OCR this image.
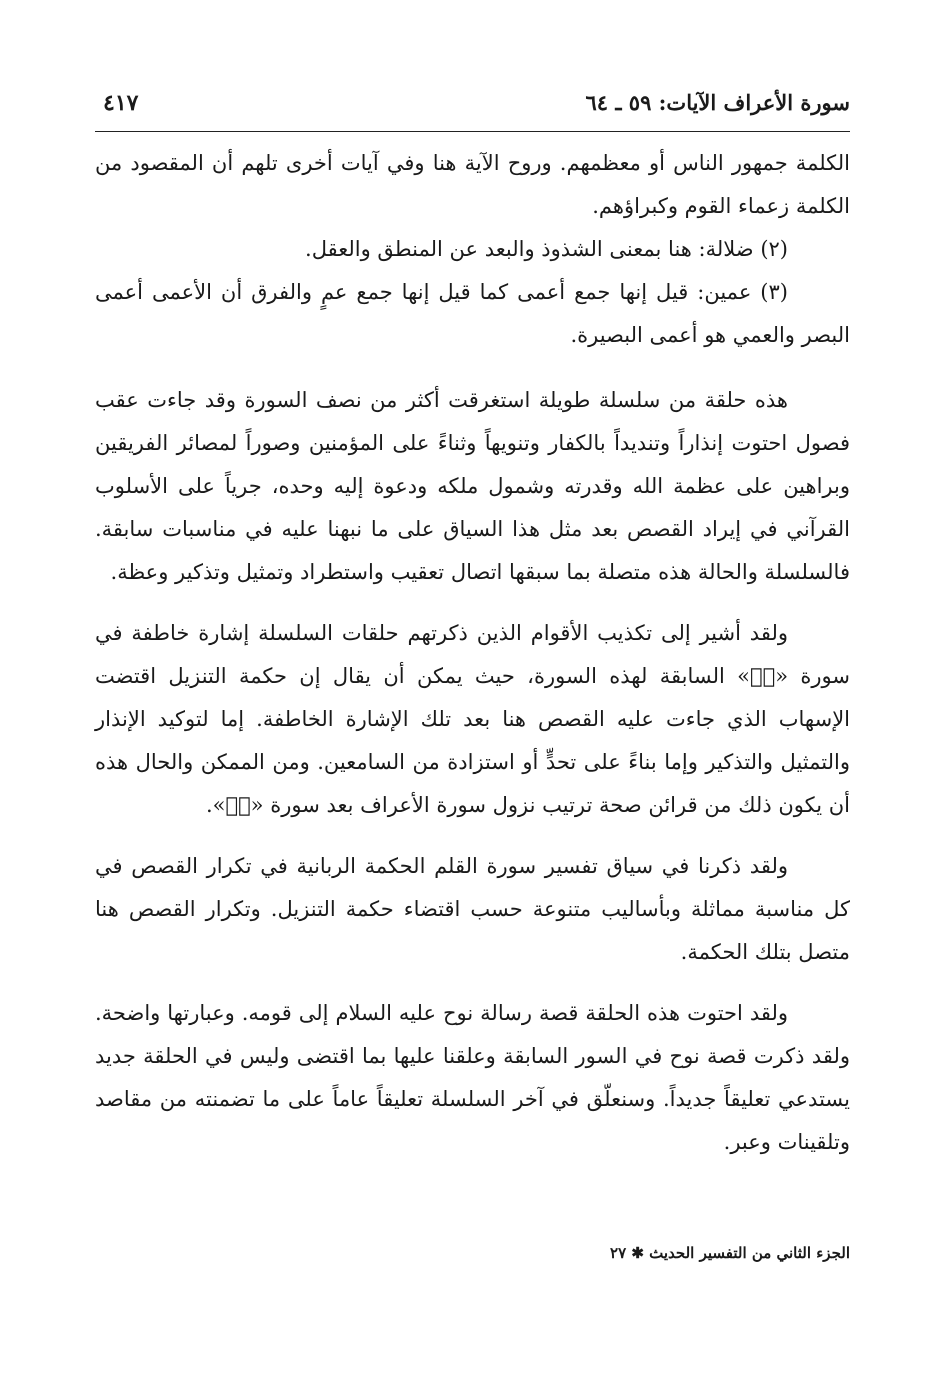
سورة الأعراف الآيات: ٥٩ ـ ٦٤
٤١٧

الكلمة جمهور الناس أو معظمهم. وروح الآية هنا وفي آيات أخرى تلهم أن المقصود من الكلمة زعماء القوم وكبراؤهم.

(٢) ضلالة: هنا بمعنى الشذوذ والبعد عن المنطق والعقل.

(٣) عمين: قيل إنها جمع أعمى كما قيل إنها جمع عمٍ والفرق أن الأعمى أعمى البصر والعمي هو أعمى البصيرة.

هذه حلقة من سلسلة طويلة استغرقت أكثر من نصف السورة وقد جاءت عقب فصول احتوت إنذاراً وتنديداً بالكفار وتنويهاً وثناءً على المؤمنين وصوراً لمصائر الفريقين وبراهين على عظمة الله وقدرته وشمول ملكه ودعوة إليه وحده، جرياً على الأسلوب القرآني في إيراد القصص بعد مثل هذا السياق على ما نبهنا عليه في مناسبات سابقة. فالسلسلة والحالة هذه متصلة بما سبقها اتصال تعقيب واستطراد وتمثيل وتذكير وعظة.

ولقد أشير إلى تكذيب الأقوام الذين ذكرتهم حلقات السلسلة إشارة خاطفة في سورة «صۤ» السابقة لهذه السورة، حيث يمكن أن يقال إن حكمة التنزيل اقتضت الإسهاب الذي جاءت عليه القصص هنا بعد تلك الإشارة الخاطفة. إما لتوكيد الإنذار والتمثيل والتذكير وإما بناءً على تحدٍّ أو استزادة من السامعين. ومن الممكن والحال هذه أن يكون ذلك من قرائن صحة ترتيب نزول سورة الأعراف بعد سورة «صۤ».

ولقد ذكرنا في سياق تفسير سورة القلم الحكمة الربانية في تكرار القصص في كل مناسبة مماثلة وبأساليب متنوعة حسب اقتضاء حكمة التنزيل. وتكرار القصص هنا متصل بتلك الحكمة.

ولقد احتوت هذه الحلقة قصة رسالة نوح عليه السلام إلى قومه. وعبارتها واضحة. ولقد ذكرت قصة نوح في السور السابقة وعلقنا عليها بما اقتضى وليس في الحلقة جديد يستدعي تعليقاً جديداً. وسنعلّق في آخر السلسلة تعليقاً عاماً على ما تضمنته من مقاصد وتلقينات وعبر.

الجزء الثاني من التفسير الحديث ✱ ٢٧
